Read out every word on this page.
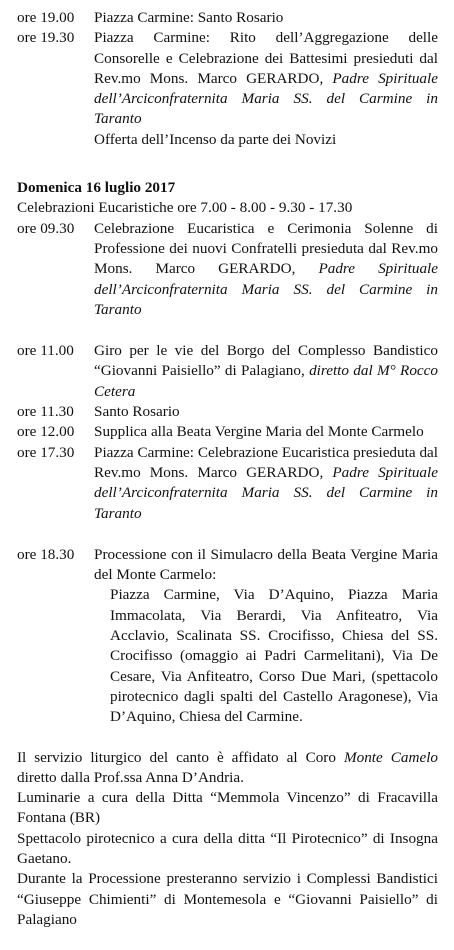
ore 19.00	Piazza Carmine: Santo Rosario
ore 19.30	Piazza Carmine: Rito dell’Aggregazione delle Consorelle e Celebrazione dei Battesimi presieduti dal Rev.mo Mons. Marco GERARDO, Padre Spirituale dell’Arciconfraternita Maria SS. del Carmine in Taranto
Offerta dell’Incenso da parte dei Novizi
Domenica 16 luglio 2017
Celebrazioni Eucaristiche ore 7.00 - 8.00 - 9.30 - 17.30
ore 09.30	Celebrazione Eucaristica e Cerimonia Solenne di Professione dei nuovi Confratelli presieduta dal Rev.mo Mons. Marco GERARDO, Padre Spirituale dell’Arciconfraternita Maria SS. del Carmine in Taranto
ore 11.00	Giro per le vie del Borgo del Complesso Bandistico “Giovanni Paisiello” di Palagiano, diretto dal M° Rocco Cetera
ore 11.30	Santo Rosario
ore 12.00	Supplica alla Beata Vergine Maria del Monte Carmelo
ore 17.30	Piazza Carmine: Celebrazione Eucaristica presieduta dal Rev.mo Mons. Marco GERARDO, Padre Spirituale dell’Arciconfraternita Maria SS. del Carmine in Taranto
ore 18.30	Processione con il Simulacro della Beata Vergine Maria del Monte Carmelo:
Piazza Carmine, Via D’Aquino, Piazza Maria Immacolata, Via Berardi, Via Anfiteatro, Via Acclavio, Scalinata SS. Crocifisso, Chiesa del SS. Crocifisso (omaggio ai Padri Carmelitani), Via De Cesare, Via Anfiteatro, Corso Due Mari, (spettacolo pirotecnico dagli spalti del Castello Aragonese), Via D’Aquino, Chiesa del Carmine.
Il servizio liturgico del canto è affidato al Coro Monte Camelo diretto dalla Prof.ssa Anna D’Andria.
Luminarie a cura della Ditta “Memmola Vincenzo” di Fracavilla Fontana (BR)
Spettacolo pirotecnico a cura della ditta “Il Pirotecnico” di Insogna Gaetano.
Durante la Processione presteranno servizio i Complessi Bandistici “Giuseppe Chimienti” di Montemesola e “Giovanni Paisiello” di Palagiano
